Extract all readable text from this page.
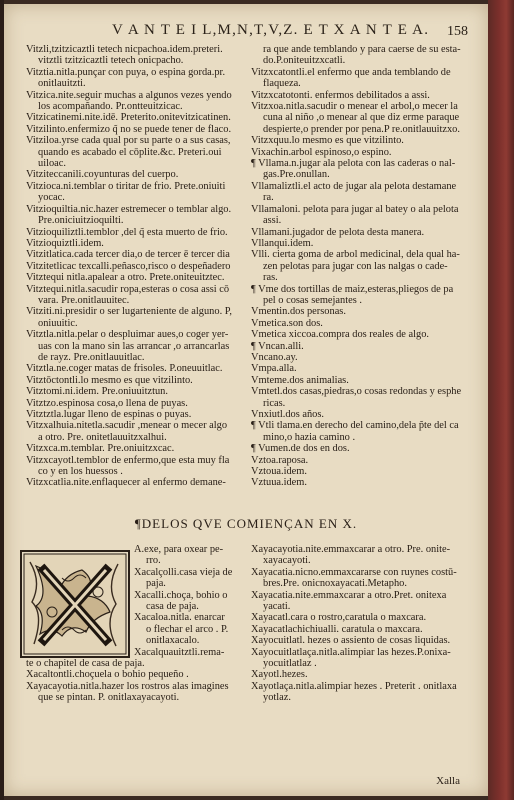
V A N T E I L,M,N,T,V,Z. E T X A N T E A. 158
Vitzli,tzitzicaztli tetech nicpachoa.idem.preteri.
vitztli tzitzicaztli tetech onicpacho.
Vitztia.nitla.punçar con puya, o espina gorda.pr.
onitlauitzti.
Vitzica.nite.seguir muchas a algunos vezes yendo
los acompañando. Pr.ontteuitzicac.
Vitzicatinemi.nite.idē. Preterito.onitevitzicatinen.
Vitzilinto.enfermizo q̃ no se puede tener de flaco.
Vitziloa.yrse cada qual por su parte o a sus casas,
quando es acabado el cōplite.&c. Preteri.oui
uiloac.
Vitziteccanili.coyunturas del cuerpo.
Vitzioca.ni.temblar o tiritar de frio. Prete.oniuiti
yocac.
Vitzioquiltia.nic.hazer estremecer o temblar algo.
Pre.oniciuitzioquilti.
Vitzioquiliztli.temblor ,del q̃ esta muerto de frio.
Vitzioquiztli.idem.
Vitzitlatica.cada tercer dia,o de tercer ē tercer dia
Vitzitetlicac texcalli.peñasco,risco o despeñadero
Vitztequi nitla.apalear a otro. Prete.oniteuitztec.
Vitztequi.nitla.sacudir ropa,esteras o cosa assi cō
vara. Pre.onitlauuitec.
Vitziti.ni.presidir o ser lugarteniente de alguno. P,
oniuuitic.
Vitztla.nitla.pelar o despluimar aues,o coger yer-
uas con la mano sin las arrancar ,o arrancarlas
de rayz. Pre.onitlauuitlac.
Vitztla.ne.coger matas de frisoles. P.oneuuitlac.
Vitztōctontli.lo mesmo es que vitzilinto.
Vitztomi.ni.idem. Pre.oniuuitztun.
Vitztzo.espinosa cosa,o llena de puyas.
Vitztztla.lugar lleno de espinas o puyas.
Vitzxalhuia.nitetla.sacudir ,menear o mecer algo
a otro. Pre. onitetlauuitzxalhui.
Vitzxca.m.temblar. Pre.oniuitzxcac.
Vitzxcayotl.temblor de enfermo,que esta muy fla
co y en los huessos .
Vitzxcatlia.nite.enflaquecer al enfermo demane-
ra que ande temblando y para caerse de su esta-
do.P.oniteuitzxcatli.
Vitzxcatontli.el enfermo que anda temblando de
flaqueza.
Vitzxcatotonti. enfermos debilitados a assi.
Vitzxoa.nitla.sacudir o menear el arbol,o mecer la
cuna al niño ,o menear al que diz erme paraque
despierte,o prender por pena.P re.onitlauuitzxo.
Vitzxquu.lo mesmo es que vitzilinto.
Vixachin.arbol espinoso,o espino.
¶ Vllama.n.jugar ala pelota con las caderas o nal-
gas.Pre.onullan.
Vllamaliztli.el acto de jugar ala pelota destamane
ra.
Vllamaloni. pelota para jugar al batey o ala pelota
assi.
Vllamani.jugador de pelota desta manera.
Vllanqui.idem.
Vlli. cierta goma de arbol medicinal, dela qual ha-
zen pelotas para jugar con las nalgas o cade-
ras.
¶ Vme dos tortillas de maiz,esteras,pliegos de pa
pel o cosas semejantes .
Vmentin.dos personas.
Vmetica.son dos.
Vmetica xiccoa.compra dos reales de algo.
¶ Vncan.alli.
Vncano.ay.
Vmpa.alla.
Vmteme.dos animalias.
Vmtetl.dos casas,piedras,o cosas redondas y esphe
ricas.
Vnxiutl.dos años.
¶ Vtli tlama.en derecho del camino,dela p̃te del ca
mino,o hazia camino .
¶ Vumen.de dos en dos.
Vztoa.raposa.
Vztoua.idem.
Vztuua.idem.
¶DELOS QVE COMIENÇAN EN X.
A.exe, para oxear pe-
rro.
Xacalçolli.casa vieja de
paja.
Xacalli.choça, bohio o
casa de paja.
Xacaloa.nitla. enarcar
o flechar el arco . P.
onitlaxacalo.
Xacalquauitztli.rema-
te o chapitel de casa de paja.
Xacaltontli.choçuela o bohio pequeño .
Xayacayotia.nitla.hazer los rostros alas imagines
que se pintan. P. onitlaxayacayoti.
Xayacayotia.nite.emmaxcarar a otro. Pre. onite-
xayacayoti.
Xayacatia.nicno.emmaxcararse con ruynes costū-
bres.Pre. onicnoxayacati.Metapho.
Xayacatia.nite.emmaxcarar a otro.Pret. onitexa
yacati.
Xayacatl.cara o rostro,caratula o maxcara.
Xayacatlachichiualli. caratula o maxcara.
Xayocuitlatl. hezes o assiento de cosas liquidas.
Xayocuitlatlaça.nitla.alimpiar las hezes.P.onixa-
yocuitlatlaz .
Xayotl.hezes.
Xayotlaça.nitla.alimpiar hezes . Preterit . onitlaxa
yotlaz.
Xalla
